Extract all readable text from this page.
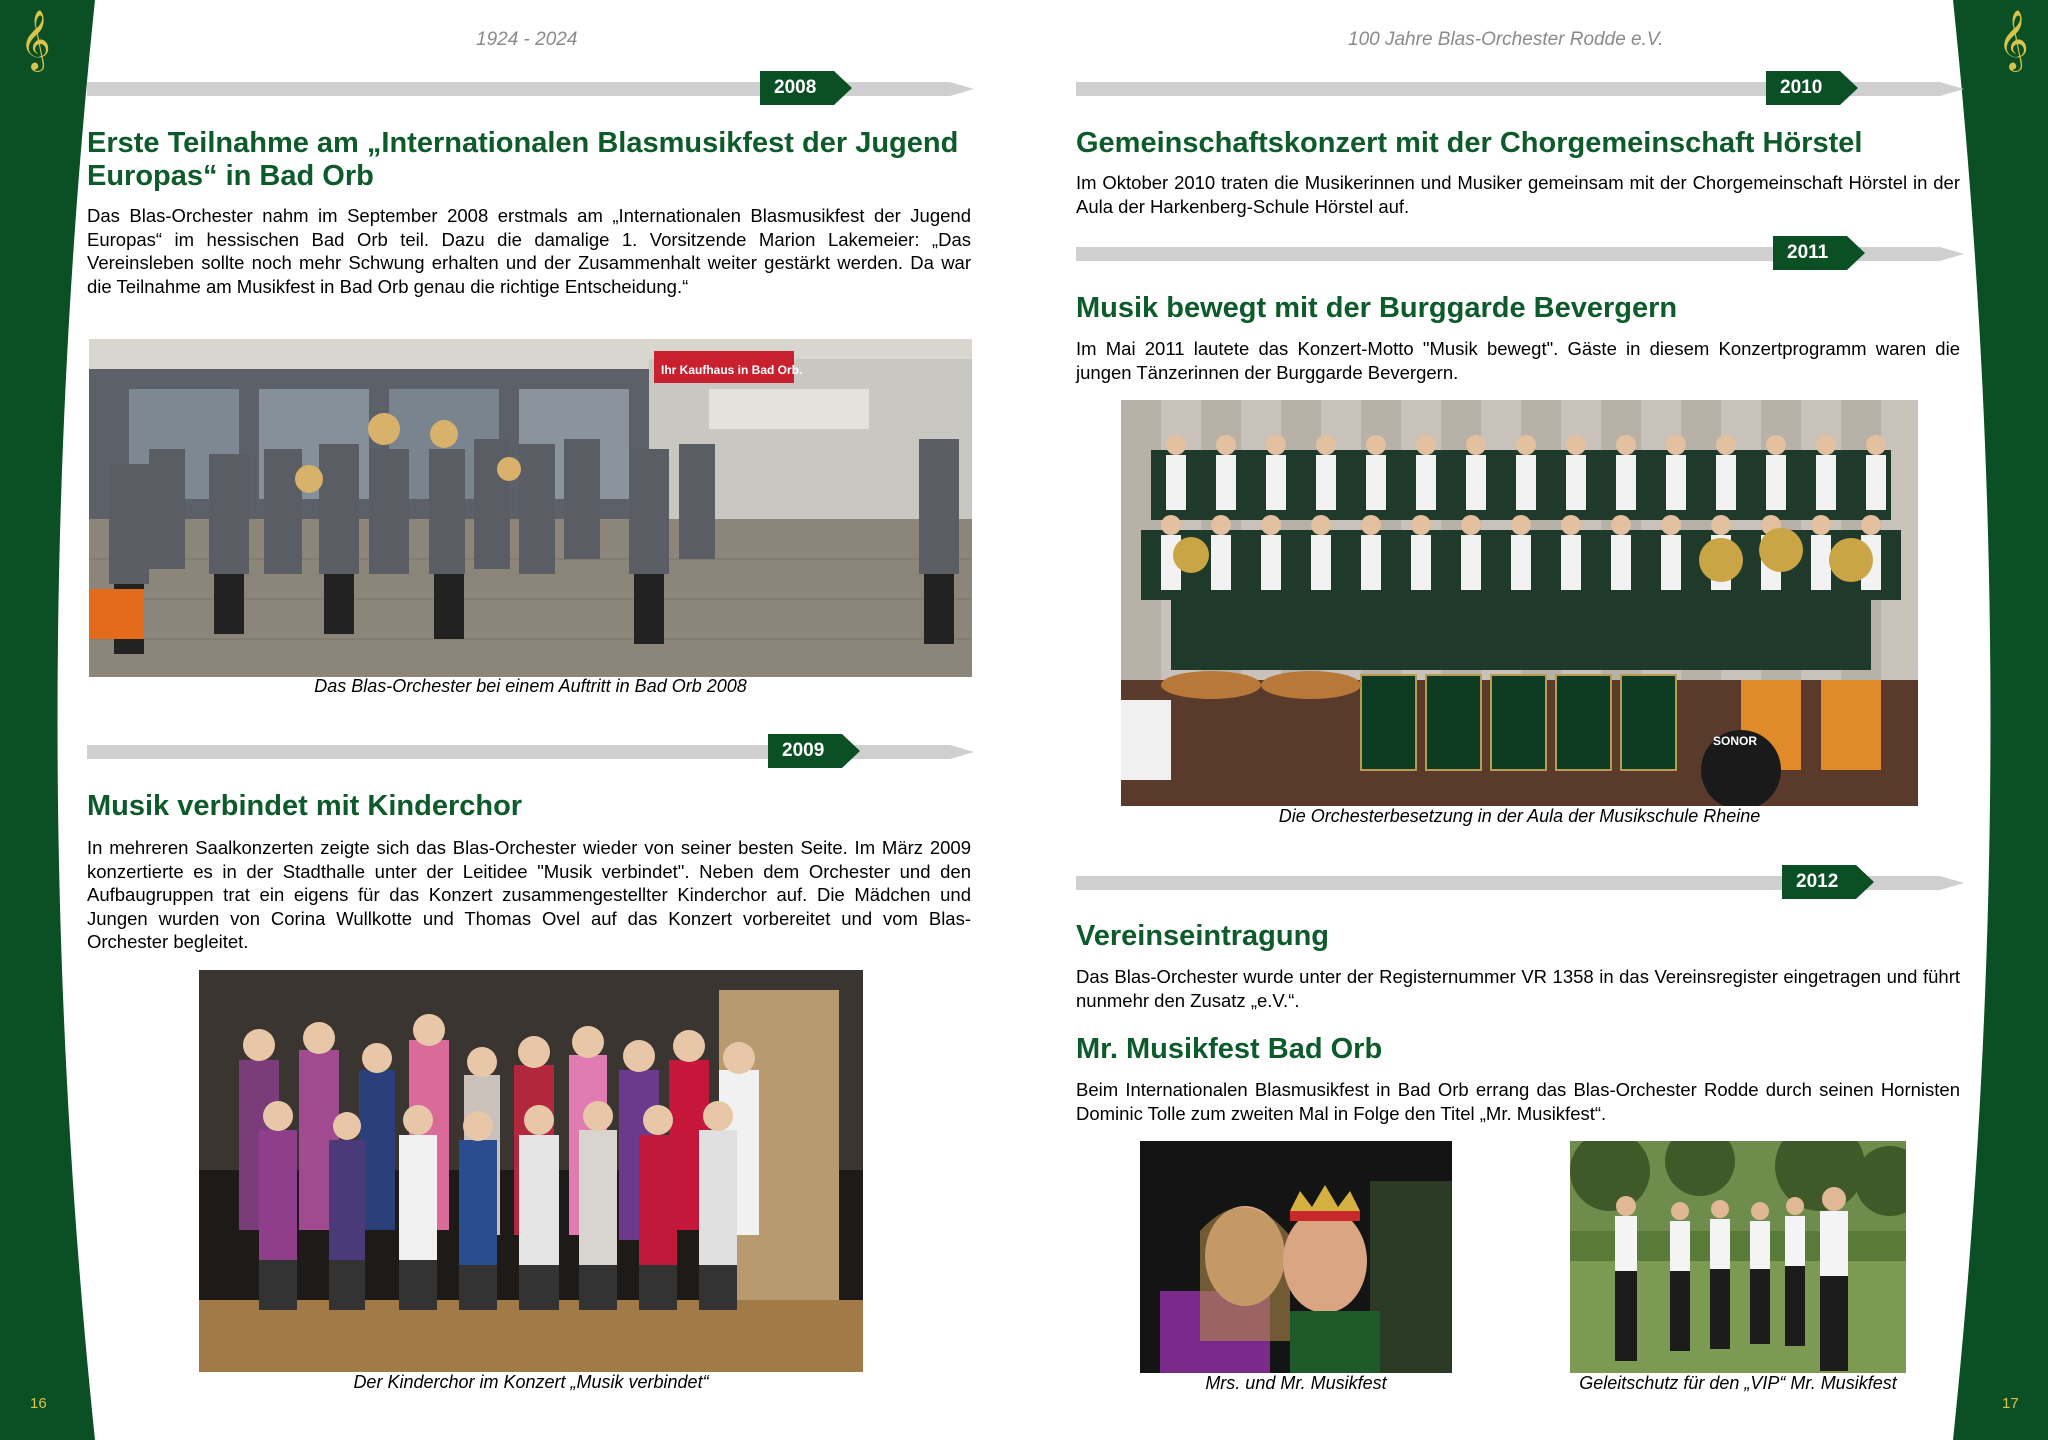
𝄞	𝄞
16	17
1924 - 2024	100 Jahre Blas-Orchester Rodde e.V.
2008
Erste Teilnahme am „Internationalen Blasmusikfest der Jugend Europas“ in Bad Orb

Das Blas-Orchester nahm im September 2008 erstmals am „Internationalen Blasmusikfest der Jugend Europas“ im hessischen Bad Orb teil. Dazu die damalige 1. Vorsitzende Marion Lakemeier: „Das Vereinsleben sollte noch mehr Schwung erhalten und der Zusammenhalt weiter gestärkt werden. Da war die Teilnahme am Musikfest in Bad Orb genau die richtige Entscheidung.“

Ihr Kaufhaus in Bad Orb.
Das Blas-Orchester bei einem Auftritt in Bad Orb 2008
2009
Musik verbindet mit Kinderchor

In mehreren Saalkonzerten zeigte sich das Blas-Orchester wieder von seiner besten Seite. Im März 2009 konzertierte es in der Stadthalle unter der Leitidee "Musik verbindet". Neben dem Orchester und den Aufbaugruppen trat ein eigens für das Konzert zusammengestellter Kinderchor auf. Die Mädchen und Jungen wurden von Corina Wullkotte und Thomas Ovel auf das Konzert vorbereitet und vom Blas-Orchester begleitet.

Der Kinderchor im Konzert „Musik verbindet“
2010
Gemeinschaftskonzert mit der Chorgemeinschaft Hörstel

Im Oktober 2010 traten die Musikerinnen und Musiker gemeinsam mit der Chorgemeinschaft Hörstel in der Aula der Harkenberg-Schule Hörstel auf.

2011
Musik bewegt mit der Burggarde Bevergern

Im Mai 2011 lautete das Konzert-Motto "Musik bewegt". Gäste in diesem Konzertprogramm waren die jungen Tänzerinnen der Burggarde Bevergern.

SONOR
Die Orchesterbesetzung in der Aula der Musikschule Rheine
2012
Vereinseintragung

Das Blas-Orchester wurde unter der Registernummer VR 1358 in das Vereinsregister eingetragen und führt nunmehr den Zusatz „e.V.“.

Mr. Musikfest Bad Orb

Beim Internationalen Blasmusikfest in Bad Orb errang das Blas-Orchester Rodde durch seinen Hornisten Dominic Tolle zum zweiten Mal in Folge den Titel „Mr. Musikfest“.

Mrs. und Mr. Musikfest	Geleitschutz für den „VIP“ Mr. Musikfest
